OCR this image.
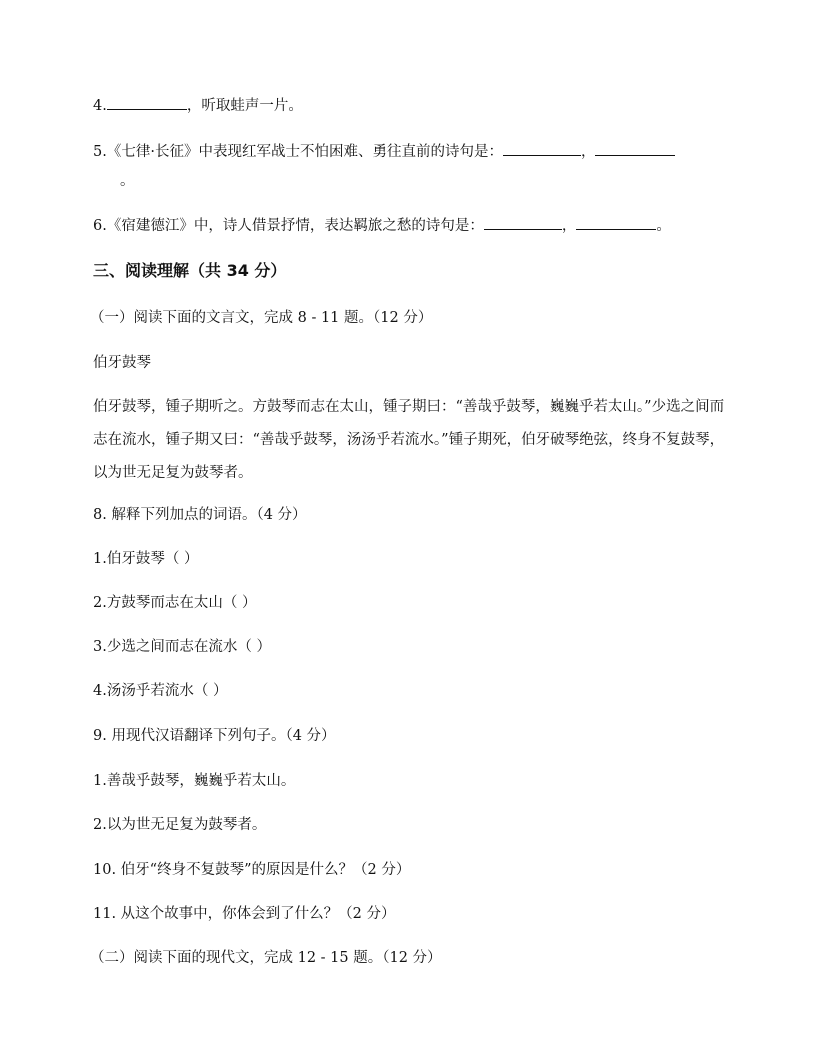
4.	，听取蛙声一片。
5.《七律·长征》中表现红军战士不怕困难、勇往直前的诗句是：	，
。
6.《宿建德江》中，诗人借景抒情，表达羁旅之愁的诗句是：	，	。
三、阅读理解（共 34 分）
（一）阅读下面的文言文，完成 8 - 11 题。（12 分）
伯牙鼓琴
伯牙鼓琴，锺子期听之。方鼓琴而志在太山，锺子期曰：“善哉乎鼓琴，巍巍乎若太山。”少选之间而志在流水，锺子期又曰：“善哉乎鼓琴，汤汤乎若流水。”锺子期死，伯牙破琴绝弦，终身不复鼓琴，以为世无足复为鼓琴者。
8. 解释下列加点的词语。（4 分）
1.伯牙鼓琴（ ）
2.方鼓琴而志在太山（ ）
3.少选之间而志在流水（ ）
4.汤汤乎若流水（ ）
9. 用现代汉语翻译下列句子。（4 分）
1.善哉乎鼓琴，巍巍乎若太山。
2.以为世无足复为鼓琴者。
10. 伯牙“终身不复鼓琴”的原因是什么？（2 分）
11. 从这个故事中，你体会到了什么？（2 分）
（二）阅读下面的现代文，完成 12 - 15 题。（12 分）
